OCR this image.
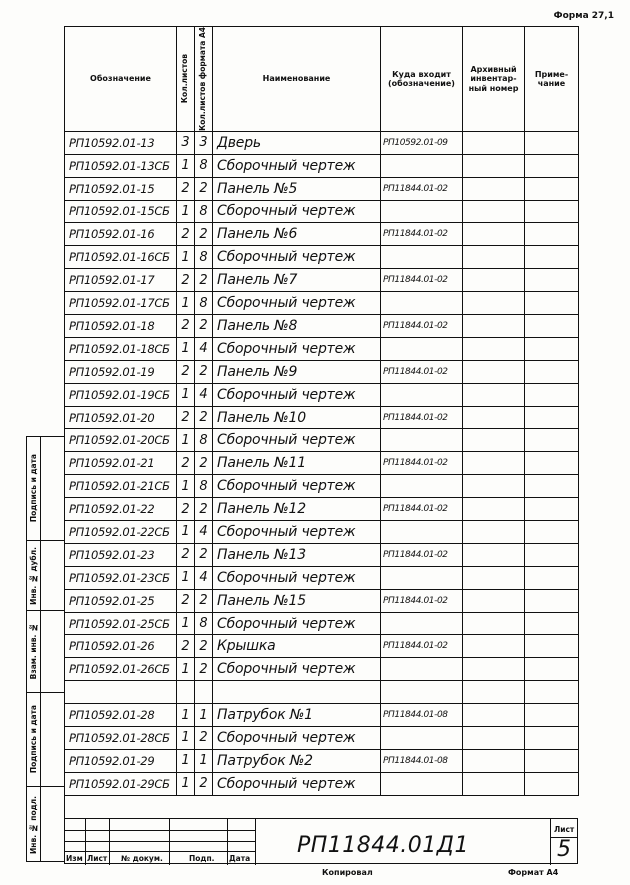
Форма 27,1
Обозначение	Кол.листов	Кол.листов формата А4	Наименование	Куда входит (обозначение)	Архивный инвентар- ный номер	Приме- чание
РП10592.01-13	3	3	Дверь	РП10592.01-09		
РП10592.01-13СБ	1	8	Сборочный чертеж			
РП10592.01-15	2	2	Панель №5	РП11844.01-02		
РП10592.01-15СБ	1	8	Сборочный чертеж			
РП10592.01-16	2	2	Панель №6	РП11844.01-02		
РП10592.01-16СБ	1	8	Сборочный чертеж			
РП10592.01-17	2	2	Панель №7	РП11844.01-02		
РП10592.01-17СБ	1	8	Сборочный чертеж			
РП10592.01-18	2	2	Панель №8	РП11844.01-02		
РП10592.01-18СБ	1	4	Сборочный чертеж			
РП10592.01-19	2	2	Панель №9	РП11844.01-02		
РП10592.01-19СБ	1	4	Сборочный чертеж			
РП10592.01-20	2	2	Панель №10	РП11844.01-02		
РП10592.01-20СБ	1	8	Сборочный чертеж			
РП10592.01-21	2	2	Панель №11	РП11844.01-02		
РП10592.01-21СБ	1	8	Сборочный чертеж			
РП10592.01-22	2	2	Панель №12	РП11844.01-02		
РП10592.01-22СБ	1	4	Сборочный чертеж			
РП10592.01-23	2	2	Панель №13	РП11844.01-02		
РП10592.01-23СБ	1	4	Сборочный чертеж			
РП10592.01-25	2	2	Панель №15	РП11844.01-02		
РП10592.01-25СБ	1	8	Сборочный чертеж			
РП10592.01-26	2	2	Крышка	РП11844.01-02		
РП10592.01-26СБ	1	2	Сборочный чертеж			

РП10592.01-28	1	1	Патрубок №1	РП11844.01-08		
РП10592.01-28СБ	1	2	Сборочный чертеж			
РП10592.01-29	1	1	Патрубок №2	РП11844.01-08		
РП10592.01-29СБ	1	2	Сборочный чертеж			
Подпись и дата
Инв. № дубл.
Взам. инв. №
Подпись и дата
Инв. № подл.
Изм Лист № докум.	Подп. Дата
РП11844.01Д1
Лист
5
Копировал	Формат А4
